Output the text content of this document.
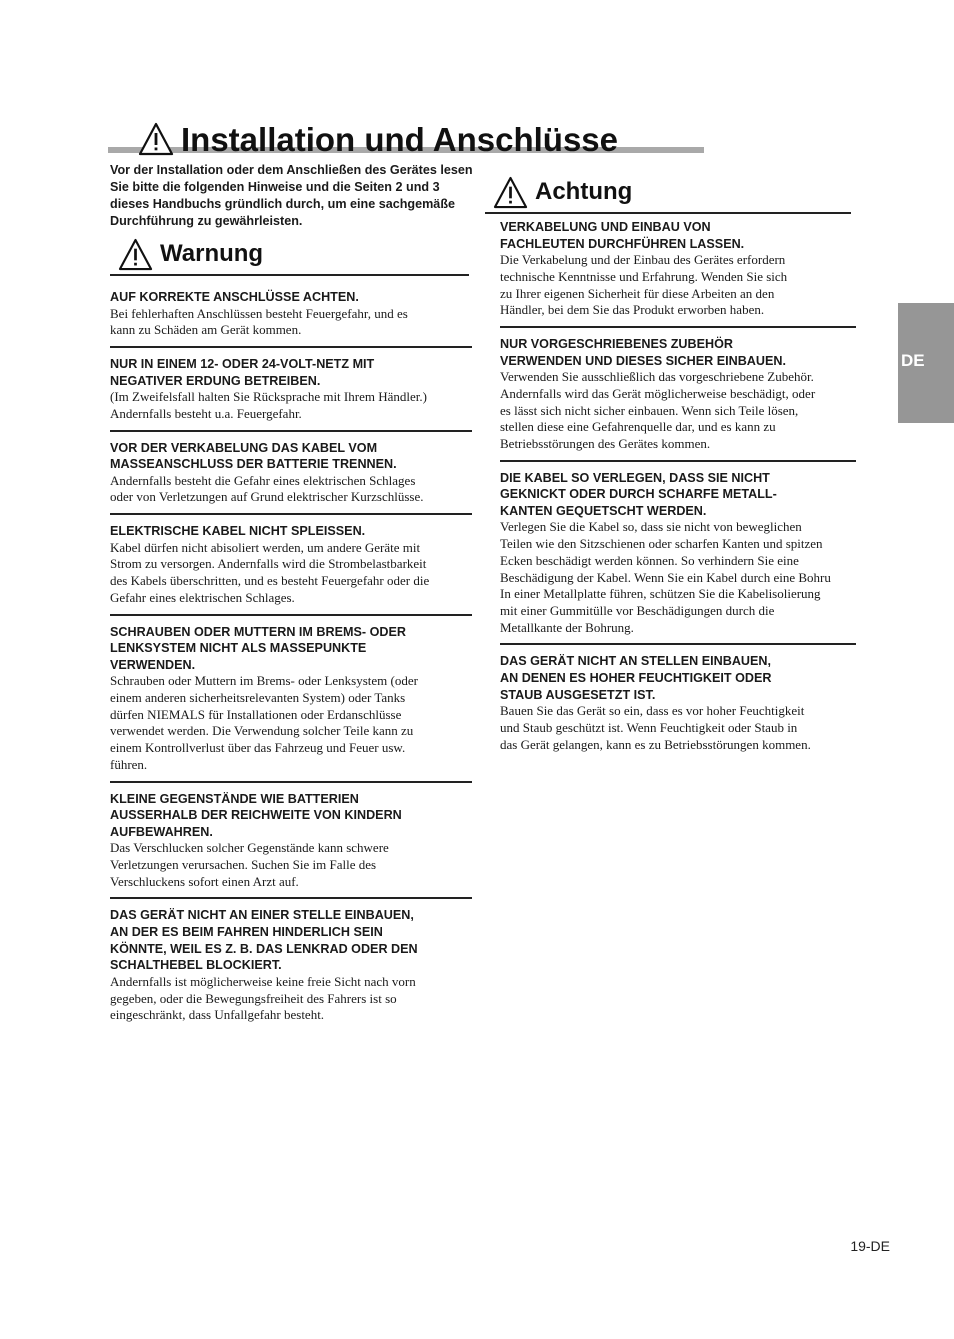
Installation und Anschlüsse
Vor der Installation oder dem Anschließen des Gerätes lesen Sie bitte die folgenden Hinweise und die Seiten 2 und 3 dieses Handbuchs gründlich durch, um eine sachgemäße Durchführung zu gewährleisten.
Warnung
AUF KORREKTE ANSCHLÜSSE ACHTEN.

Bei fehlerhaften Anschlüssen besteht Feuergefahr, und es
kann zu Schäden am Gerät kommen.

NUR IN EINEM 12- ODER 24-VOLT-NETZ MIT
NEGATIVER ERDUNG BETREIBEN.

(Im Zweifelsfall halten Sie Rücksprache mit Ihrem Händler.)
Andernfalls besteht u.a. Feuergefahr.

VOR DER VERKABELUNG DAS KABEL VOM
MASSEANSCHLUSS DER BATTERIE TRENNEN.

Andernfalls besteht die Gefahr eines elektrischen Schlages
oder von Verletzungen auf Grund elektrischer Kurzschlüsse.

ELEKTRISCHE KABEL NICHT SPLEISSEN.

Kabel dürfen nicht abisoliert werden, um andere Geräte mit
Strom zu versorgen. Andernfalls wird die Strombelastbarkeit
des Kabels überschritten, und es besteht Feuergefahr oder die
Gefahr eines elektrischen Schlages.

SCHRAUBEN ODER MUTTERN IM BREMS- ODER
LENKSYSTEM NICHT ALS MASSEPUNKTE
VERWENDEN.

Schrauben oder Muttern im Brems- oder Lenksystem (oder
einem anderen sicherheitsrelevanten System) oder Tanks
dürfen NIEMALS für Installationen oder Erdanschlüsse
verwendet werden. Die Verwendung solcher Teile kann zu
einem Kontrollverlust über das Fahrzeug und Feuer usw.
führen.

KLEINE GEGENSTÄNDE WIE BATTERIEN
AUSSERHALB DER REICHWEITE VON KINDERN
AUFBEWAHREN.

Das Verschlucken solcher Gegenstände kann schwere
Verletzungen verursachen. Suchen Sie im Falle des
Verschluckens sofort einen Arzt auf.

DAS GERÄT NICHT AN EINER STELLE EINBAUEN,
AN DER ES BEIM FAHREN HINDERLICH SEIN
KÖNNTE, WEIL ES Z. B. DAS LENKRAD ODER DEN
SCHALTHEBEL BLOCKIERT.

Andernfalls ist möglicherweise keine freie Sicht nach vorn
gegeben, oder die Bewegungsfreiheit des Fahrers ist so
eingeschränkt, dass Unfallgefahr besteht.

Achtung
VERKABELUNG UND EINBAU VON
FACHLEUTEN DURCHFÜHREN LASSEN.

Die Verkabelung und der Einbau des Gerätes erfordern
technische Kenntnisse und Erfahrung. Wenden Sie sich
zu Ihrer eigenen Sicherheit für diese Arbeiten an den
Händler, bei dem Sie das Produkt erworben haben.

NUR VORGESCHRIEBENES ZUBEHÖR
VERWENDEN UND DIESES SICHER EINBAUEN.

Verwenden Sie ausschließlich das vorgeschriebene Zubehör.
Andernfalls wird das Gerät möglicherweise beschädigt, oder
es lässt sich nicht sicher einbauen. Wenn sich Teile lösen,
stellen diese eine Gefahrenquelle dar, und es kann zu
Betriebsstörungen des Gerätes kommen.

DIE KABEL SO VERLEGEN, DASS SIE NICHT
GEKNICKT ODER DURCH SCHARFE METALL-
KANTEN GEQUETSCHT WERDEN.

Verlegen Sie die Kabel so, dass sie nicht von beweglichen
Teilen wie den Sitzschienen oder scharfen Kanten und spitzen
Ecken beschädigt werden können. So verhindern Sie eine
Beschädigung der Kabel. Wenn Sie ein Kabel durch eine Bohru
In einer Metallplatte führen, schützen Sie die Kabelisolierung
mit einer Gummitülle vor Beschädigungen durch die
Metallkante der Bohrung.

DAS GERÄT NICHT AN STELLEN EINBAUEN,
AN DENEN ES HOHER FEUCHTIGKEIT ODER
STAUB AUSGESETZT IST.

Bauen Sie das Gerät so ein, dass es vor hoher Feuchtigkeit
und Staub geschützt ist. Wenn Feuchtigkeit oder Staub in
das Gerät gelangen, kann es zu Betriebsstörungen kommen.

DE
19-DE
